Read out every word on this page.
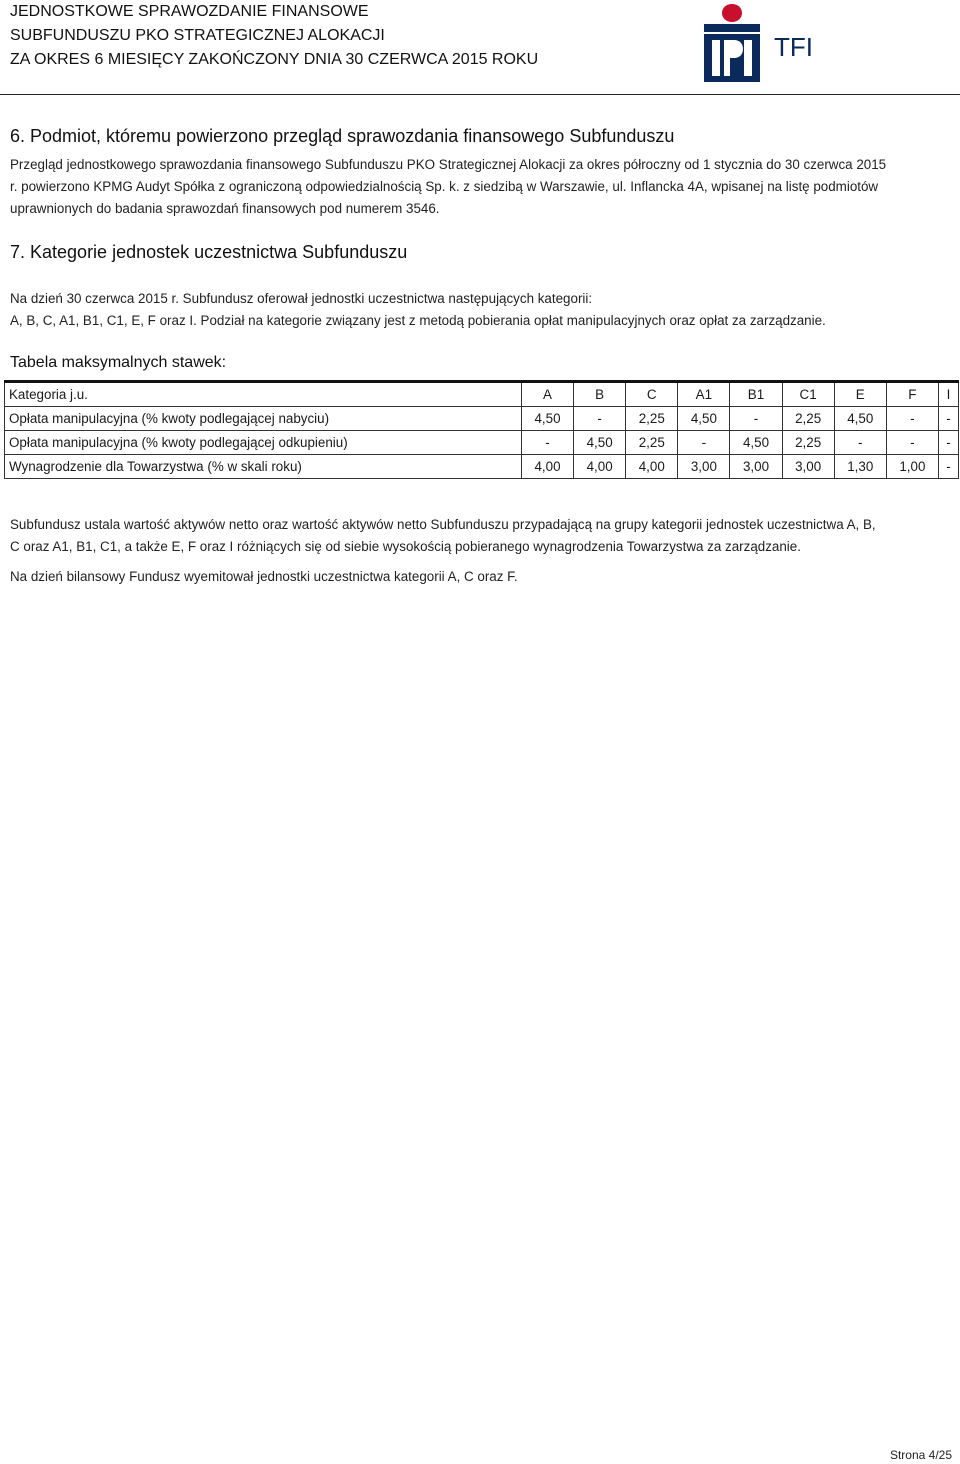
JEDNOSTKOWE SPRAWOZDANIE FINANSOWE
SUBFUNDUSZU PKO STRATEGICZNEJ ALOKACJI
ZA OKRES 6 MIESIĘCY ZAKOŃCZONY DNIA 30 CZERWCA 2015 ROKU	TFI
6. Podmiot, któremu powierzono przegląd sprawozdania finansowego Subfunduszu
Przegląd jednostkowego sprawozdania finansowego Subfunduszu PKO Strategicznej Alokacji za okres półroczny od 1 stycznia do 30 czerwca 2015
r. powierzono KPMG Audyt Spółka z ograniczoną odpowiedzialnością Sp. k. z siedzibą w Warszawie, ul. Inflancka 4A, wpisanej na listę podmiotów
uprawnionych do badania sprawozdań finansowych pod numerem 3546.
7. Kategorie jednostek uczestnictwa Subfunduszu
Na dzień 30 czerwca 2015 r. Subfundusz oferował jednostki uczestnictwa następujących kategorii:
A, B, C, A1, B1, C1, E, F oraz I. Podział na kategorie związany jest z metodą pobierania opłat manipulacyjnych oraz opłat za zarządzanie.
Tabela maksymalnych stawek:
Kategoria j.u.	A	B	C	A1	B1	C1	E	F	I
Opłata manipulacyjna (% kwoty podlegającej nabyciu)	4,50	-	2,25	4,50	-	2,25	4,50	-	-
Opłata manipulacyjna (% kwoty podlegającej odkupieniu)	-	4,50	2,25	-	4,50	2,25	-	-	-
Wynagrodzenie dla Towarzystwa (% w skali roku)	4,00	4,00	4,00	3,00	3,00	3,00	1,30	1,00	-
Subfundusz ustala wartość aktywów netto oraz wartość aktywów netto Subfunduszu przypadającą na grupy kategorii jednostek uczestnictwa A, B,
C oraz A1, B1, C1, a także E, F oraz I różniących się od siebie wysokością pobieranego wynagrodzenia Towarzystwa za zarządzanie.
Na dzień bilansowy Fundusz wyemitował jednostki uczestnictwa kategorii A, C oraz F.
Strona 4/25
